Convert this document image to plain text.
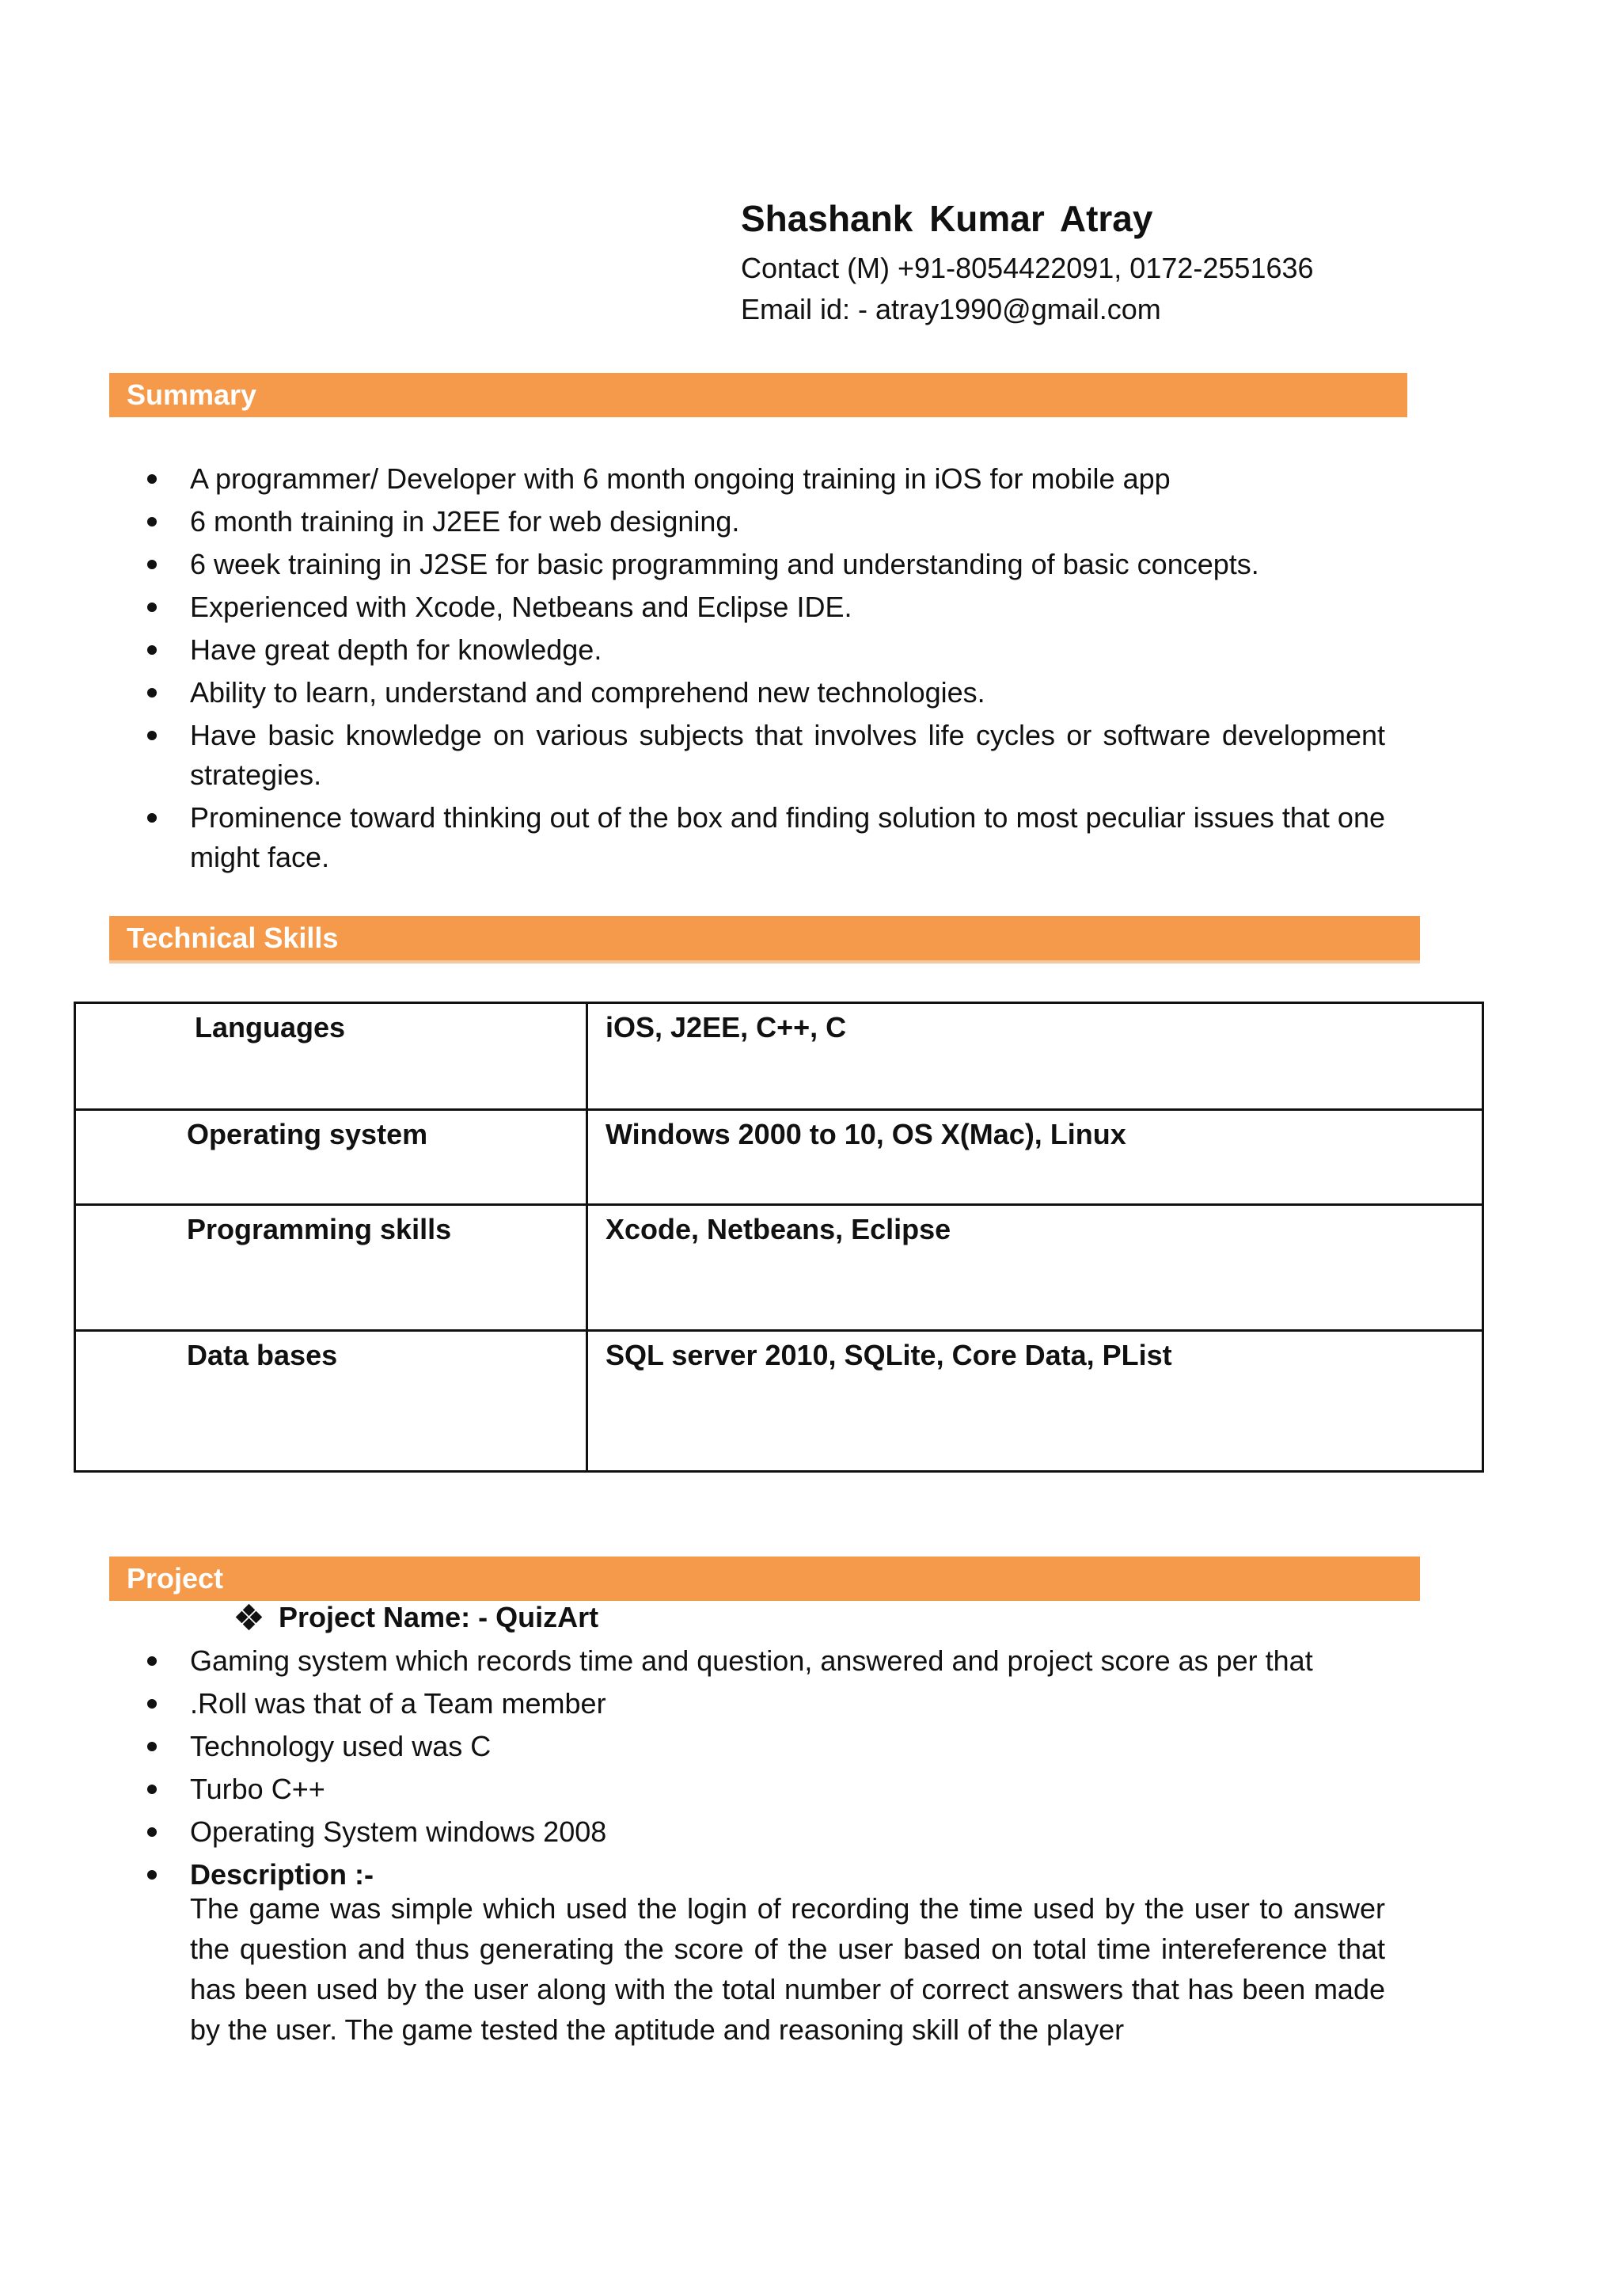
Shashank Kumar Atray
Contact (M) +91-8054422091, 0172-2551636
Email id: - atray1990@gmail.com
Summary
A programmer/ Developer with 6 month ongoing training in iOS for mobile app
6 month training in J2EE for web designing.
6 week training in J2SE for basic programming and understanding of basic concepts.
Experienced with Xcode, Netbeans and Eclipse IDE.
Have great depth for knowledge.
Ability to learn, understand and comprehend new technologies.
Have basic knowledge on various subjects that involves life cycles or software development strategies.
Prominence toward thinking out of the box and finding solution to most peculiar issues that one might face.
Technical Skills
Languages	iOS, J2EE, C++, C
Operating system	Windows 2000 to 10, OS X(Mac), Linux
Programming skills	Xcode, Netbeans, Eclipse
Data bases	SQL server 2010, SQLite, Core Data, PList
Project
Project Name: - QuizArt
Gaming system which records time and question, answered and project score as per that
.Roll was that of a Team member
Technology used was C
Turbo C++
Operating System windows 2008
Description :-

The game was simple which used the login of recording the time used by the user to answer the question and thus generating the score of the user based on total time intereference that has been used by the user along with the total number of correct answers that has been made by the user. The game tested the aptitude and reasoning skill of the player
